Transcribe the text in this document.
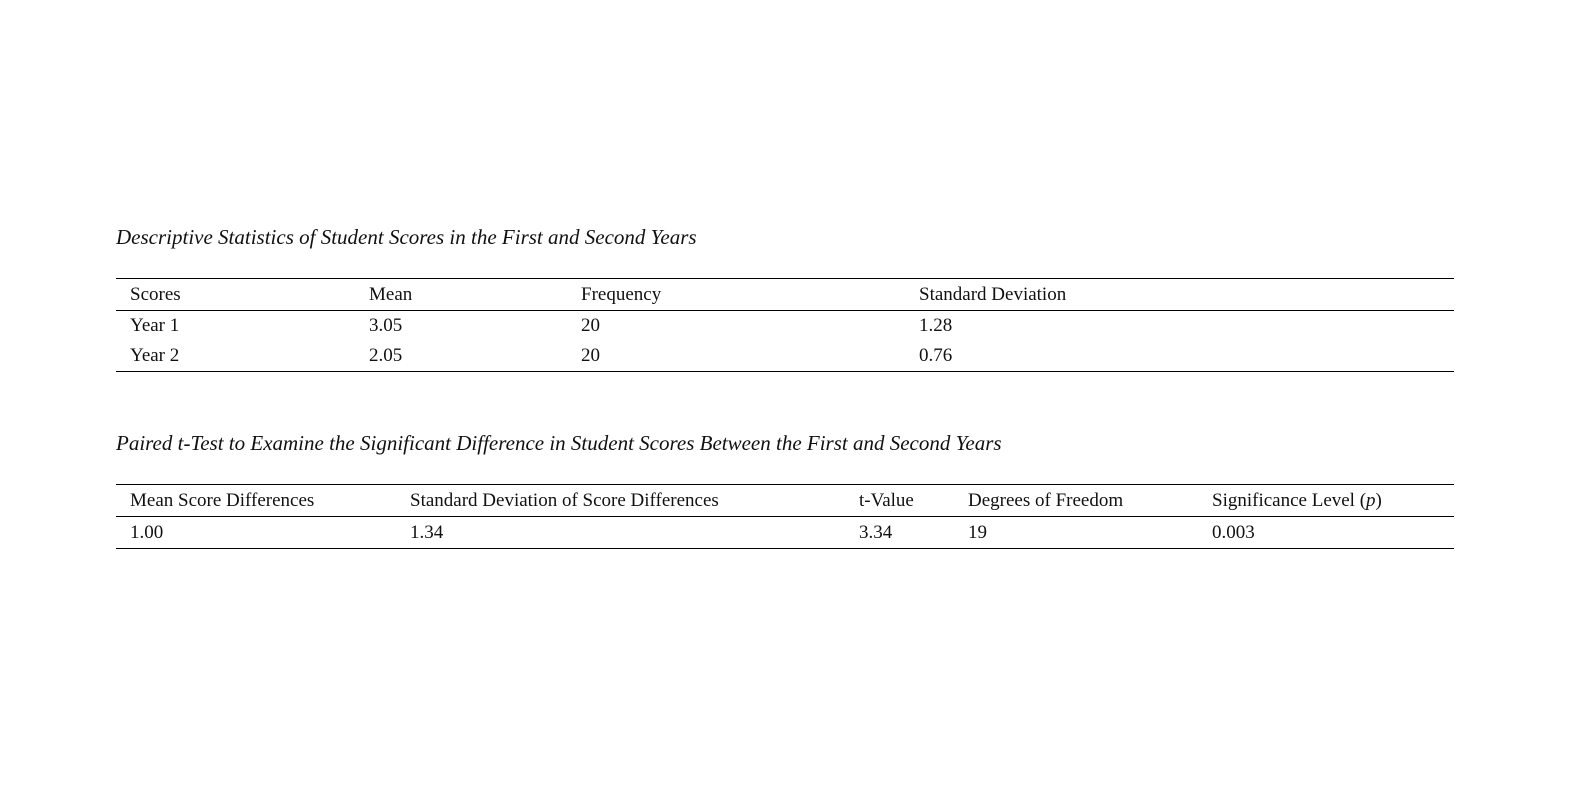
Descriptive Statistics of Student Scores in the First and Second Years
Scores	Mean	Frequency	Standard Deviation
Year 1	3.05	20	1.28
Year 2	2.05	20	0.76
Paired t-Test to Examine the Significant Difference in Student Scores Between the First and Second Years
Mean Score Differences	Standard Deviation of Score Differences	t-Value	Degrees of Freedom	Significance Level (p)
1.00	1.34	3.34	19	0.003
